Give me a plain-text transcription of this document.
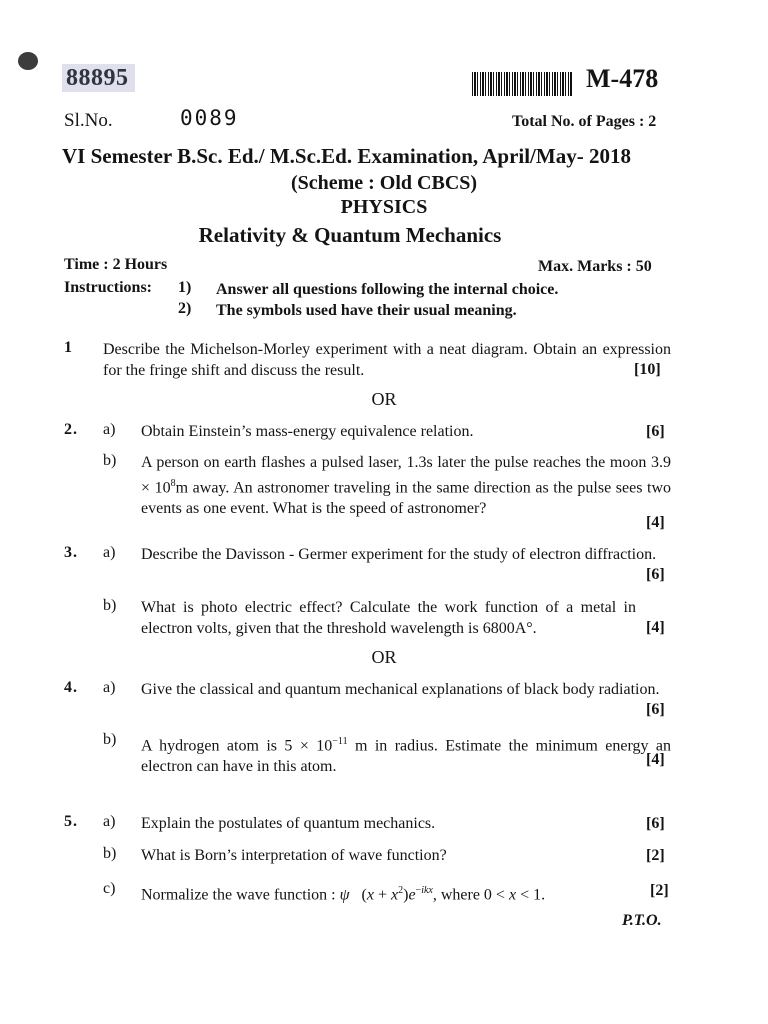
88895	M-478
Sl.No.	0089	Total No. of Pages : 2
VI Semester B.Sc. Ed./ M.Sc.Ed. Examination, April/May- 2018
(Scheme : Old CBCS)
PHYSICS
Relativity & Quantum Mechanics
Time : 2 Hours	Max. Marks : 50
Instructions: 1) Answer all questions following the internal choice.
2) The symbols used have their usual meaning.
1 Describe the Michelson-Morley experiment with a neat diagram. Obtain an expression for the fringe shift and discuss the result.	[10]
OR
2. a) Obtain Einstein’s mass-energy equivalence relation.	[6]
b) A person on earth flashes a pulsed laser, 1.3s later the pulse reaches the moon $3.9 \times 10^8m$ away. An astronomer traveling in the same direction as the pulse sees two events as one event. What is the speed of astronomer?
[4]
3. a) Describe the Davisson - Germer experiment for the study of electron diffraction.
[6]
b) What is photo electric effect? Calculate the work function of a metal in electron volts, given that the threshold wavelength is 6800A°.	[4]
OR
4. a) Give the classical and quantum mechanical explanations of black body radiation.
[6]
b) A hydrogen atom is $5 \times 10^{-11}$ m in radius. Estimate the minimum energy an electron can have in this atom.	[4]
5. a) Explain the postulates of quantum mechanics.	[6]
b) What is Born’s interpretation of wave function?	[2]
c) Normalize the wave function : ψ   $(x + x^2)e^{-ikx}$, where 0 < x < 1.	[2]
P.T.O.
